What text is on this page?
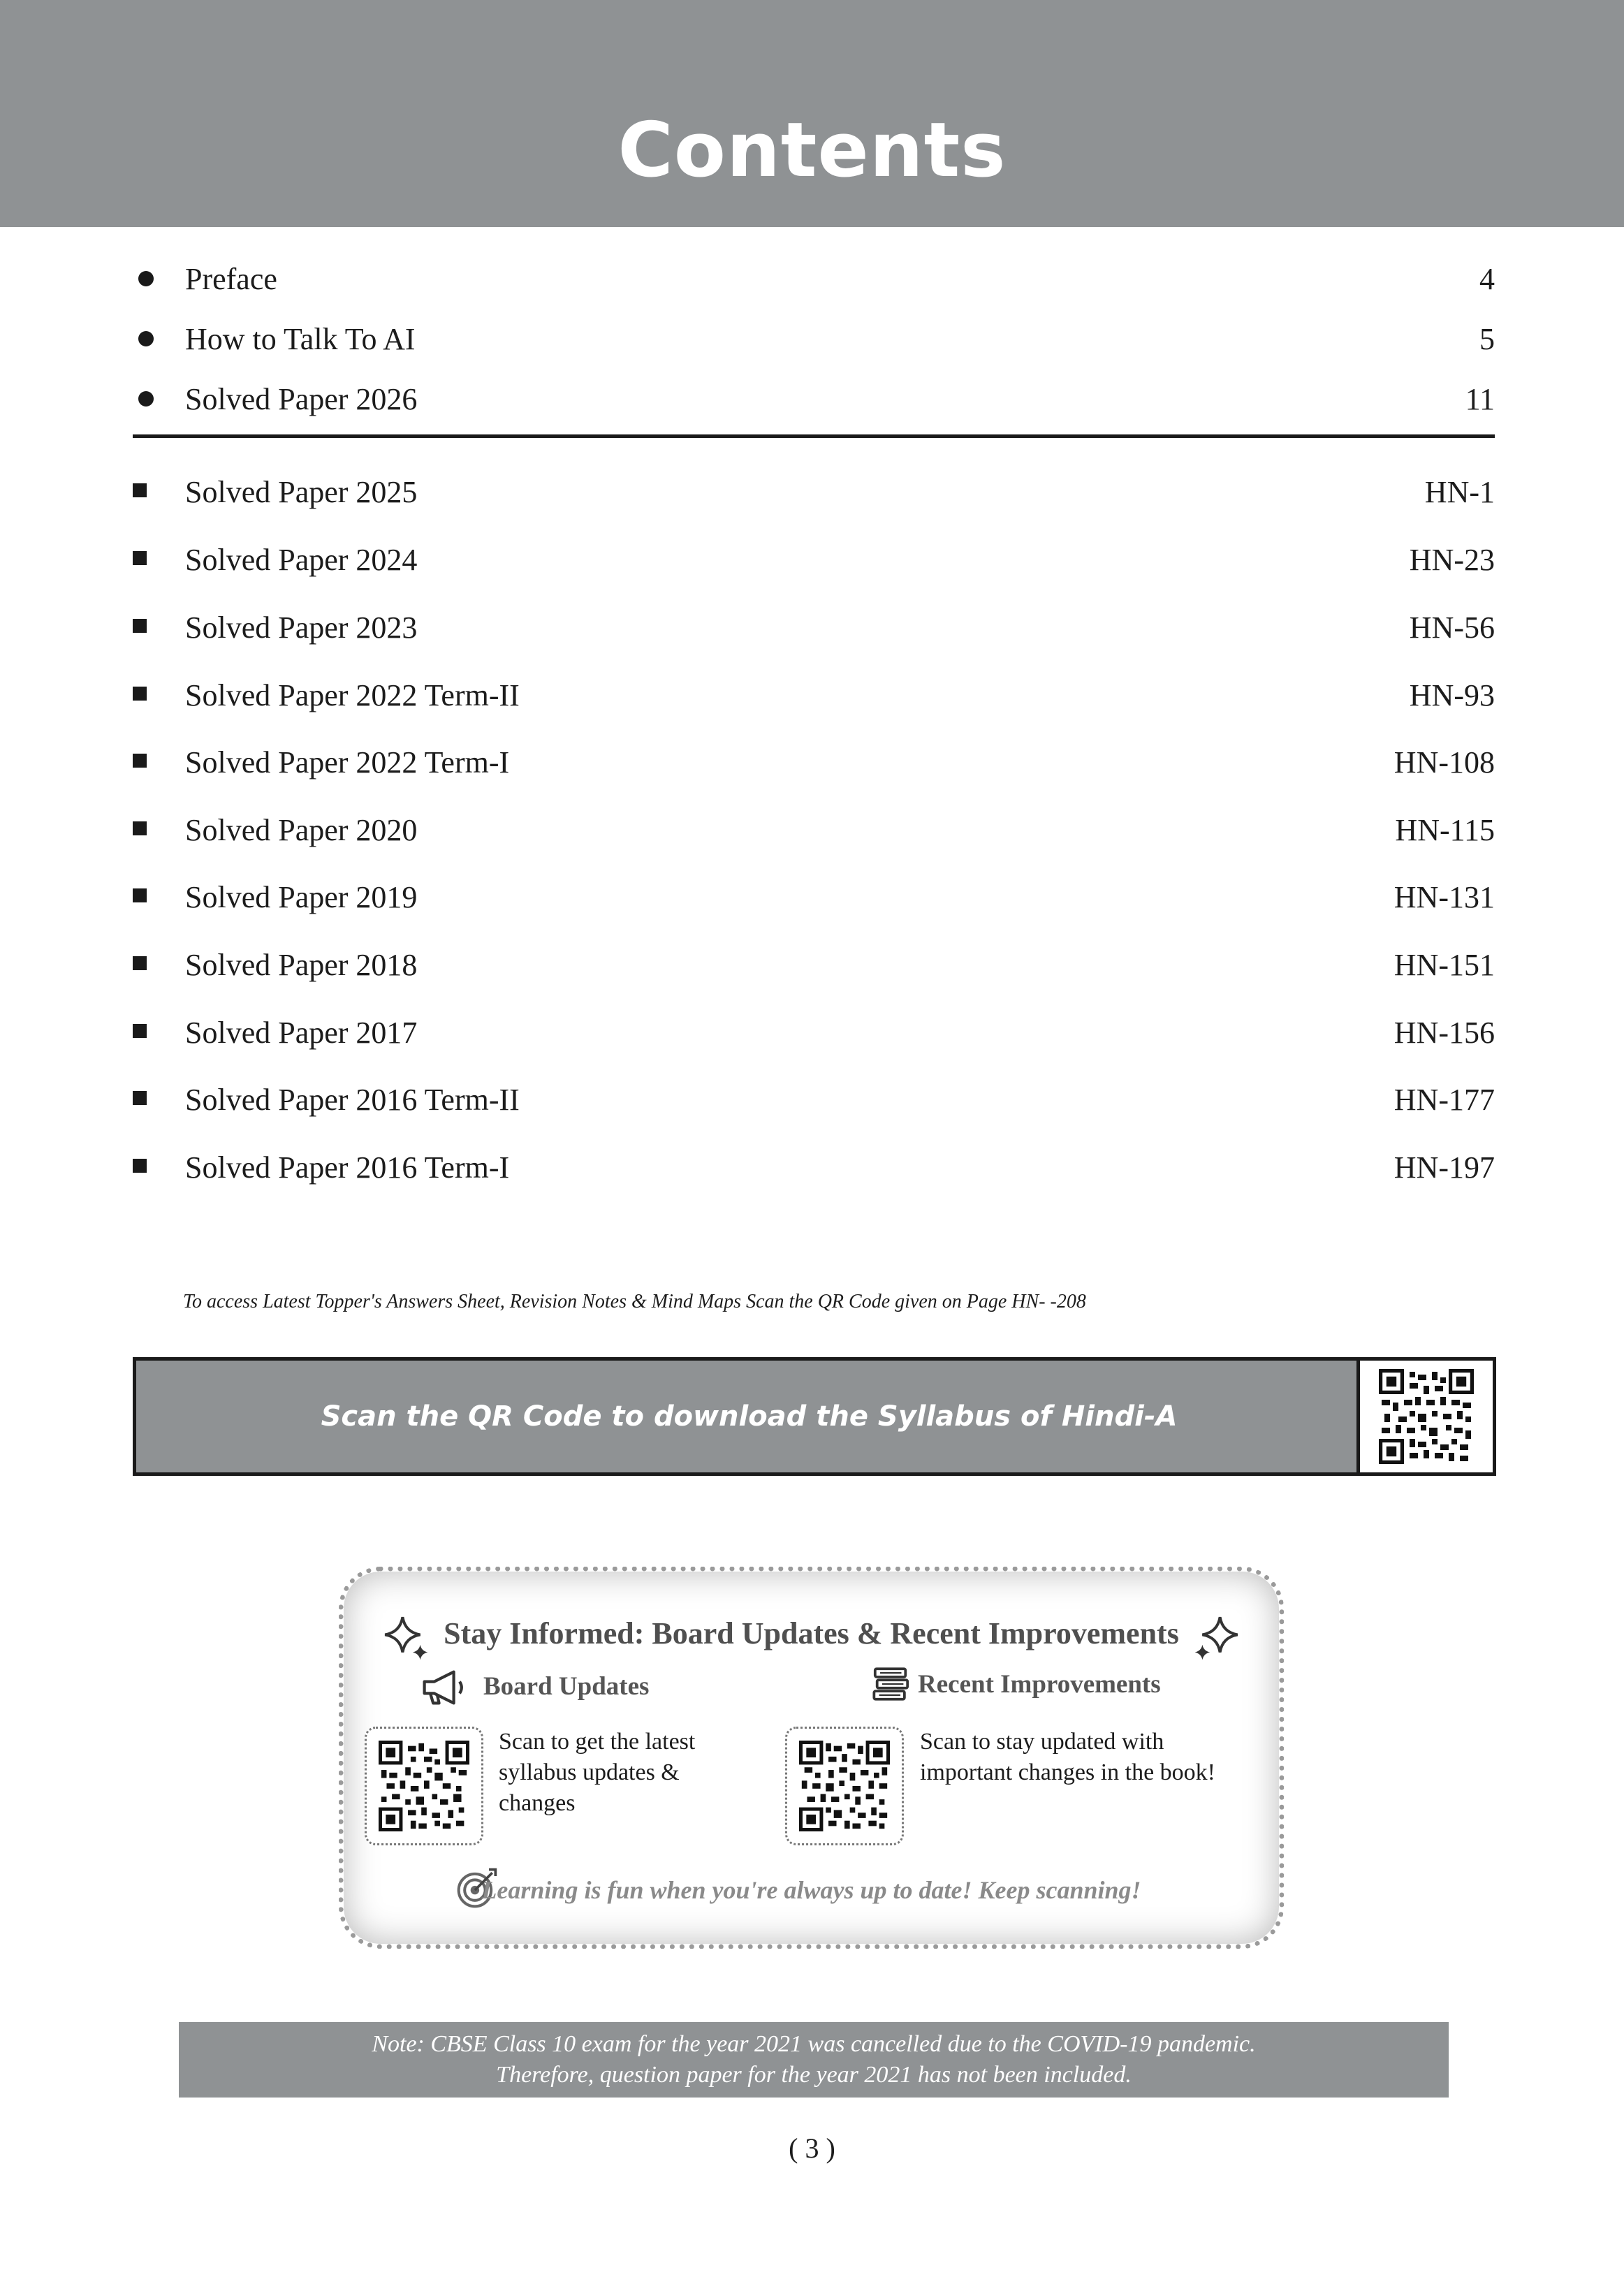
Contents
Preface	4
How to Talk To AI	5
Solved Paper 2026	11
Solved Paper 2025	HN-1
Solved Paper 2024	HN-23
Solved Paper 2023	HN-56
Solved Paper 2022 Term-II	HN-93
Solved Paper 2022 Term-I	HN-108
Solved Paper 2020	HN-115
Solved Paper 2019	HN-131
Solved Paper 2018	HN-151
Solved Paper 2017	HN-156
Solved Paper 2016 Term-II	HN-177
Solved Paper 2016 Term-I	HN-197
To access Latest Topper's Answers Sheet, Revision Notes & Mind Maps Scan the QR Code given on Page HN- -208
Scan the QR Code to download the Syllabus of Hindi-A
Stay Informed: Board Updates & Recent Improvements
Board Updates	Recent Improvements
Scan to get the latest syllabus updates & changes
Scan to stay updated with important changes in the book!
Learning is fun when you're always up to date! Keep scanning!
Note: CBSE Class 10 exam for the year 2021 was cancelled due to the COVID-19 pandemic.
Therefore, question paper for the year 2021 has not been included.
( 3 )
